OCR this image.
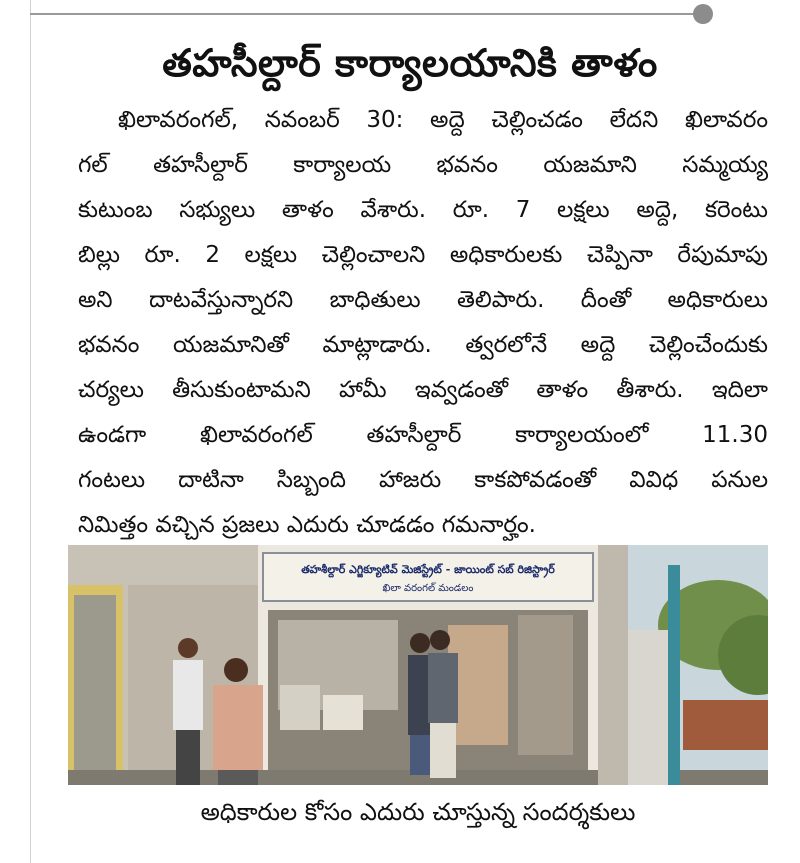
తహసీల్దార్ కార్యాలయానికి తాళం
ఖిలావరంగల్, నవంబర్ 30: అద్దె చెల్లించడం లేదని ఖిలావరం
గల్ తహసీల్దార్ కార్యాలయ భవనం యజమాని సమ్మయ్య
కుటుంబ సభ్యులు తాళం వేశారు. రూ. 7 లక్షలు అద్దె, కరెంటు
బిల్లు రూ. 2 లక్షలు చెల్లించాలని అధికారులకు చెప్పినా రేపుమాపు
అని దాటవేస్తున్నారని బాధితులు తెలిపారు. దీంతో అధికారులు
భవనం యజమానితో మాట్లాడారు. త్వరలోనే అద్దె చెల్లించేందుకు
చర్యలు తీసుకుంటామని హామీ ఇవ్వడంతో తాళం తీశారు. ఇదిలా
ఉండగా ఖిలావరంగల్ తహసీల్దార్ కార్యాలయంలో 11.30
గంటలు దాటినా సిబ్బంది హాజరు కాకపోవడంతో వివిధ పనుల
నిమిత్తం వచ్చిన ప్రజలు ఎదురు చూడడం గమనార్హం.
తహశీల్దార్ ఎగ్జిక్యూటివ్ మెజిస్ట్రేట్ - జాయింట్ సబ్ రిజిస్ట్రార్
ఖిలా వరంగల్ మండలం
అధికారుల కోసం ఎదురు చూస్తున్న సందర్శకులు
